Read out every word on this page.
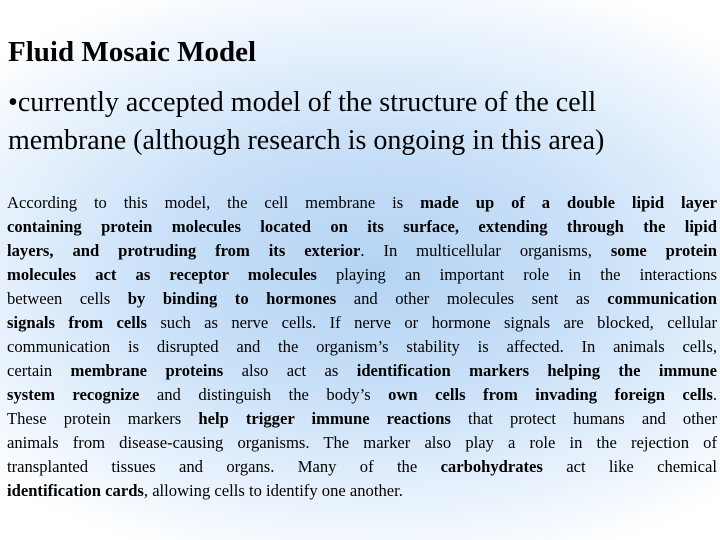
Fluid Mosaic Model
•currently accepted model of the structure of the cell
membrane (although research is ongoing in this area)
According to this model, the cell membrane is made up of a double lipid layer
containing protein molecules located on its surface, extending through the lipid
layers, and protruding from its exterior. In multicellular organisms, some protein
molecules act as receptor molecules playing an important role in the interactions
between cells by binding to hormones and other molecules sent as communication
signals from cells such as nerve cells. If nerve or hormone signals are blocked, cellular
communication is disrupted and the organism’s stability is affected. In animals cells,
certain membrane proteins also act as identification markers helping the immune
system recognize and distinguish the body’s own cells from invading foreign cells.
These protein markers help trigger immune reactions that protect humans and other
animals from disease-causing organisms. The marker also play a role in the rejection of
transplanted tissues and organs. Many of the carbohydrates act like chemical
identification cards, allowing cells to identify one another.
